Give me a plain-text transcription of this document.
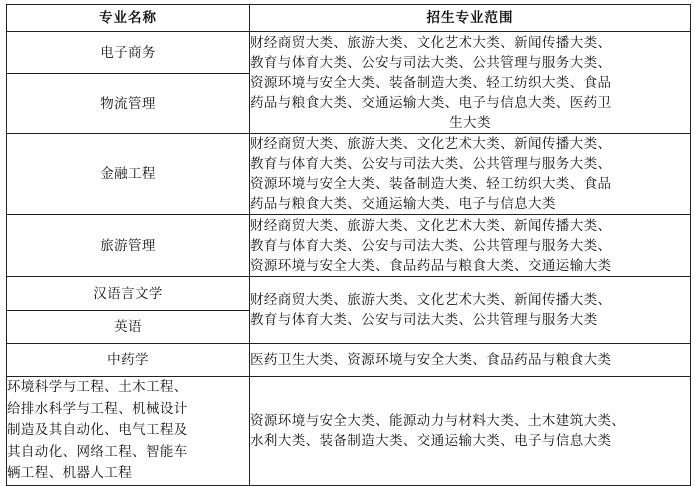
专业名称	招生专业范围
电子商务	财经商贸大类、旅游大类、文化艺术大类、新闻传播大类、
教育与体育大类、公安与司法大类、公共管理与服务大类、
资源环境与安全大类、装备制造大类、轻工纺织大类、食品
药品与粮食大类、交通运输大类、电子与信息大类、医药卫
生大类

物流管理	
金融工程	财经商贸大类、旅游大类、文化艺术大类、新闻传播大类、
教育与体育大类、公安与司法大类、公共管理与服务大类、
资源环境与安全大类、装备制造大类、轻工纺织大类、食品
药品与粮食大类、交通运输大类、电子与信息大类

旅游管理	财经商贸大类、旅游大类、文化艺术大类、新闻传播大类、
教育与体育大类、公安与司法大类、公共管理与服务大类、
资源环境与安全大类、食品药品与粮食大类、交通运输大类

汉语言文学	财经商贸大类、旅游大类、文化艺术大类、新闻传播大类、
教育与体育大类、公安与司法大类、公共管理与服务大类

英语	
中药学	医药卫生大类、资源环境与安全大类、食品药品与粮食大类

环境科学与工程、土木工程、
给排水科学与工程、机械设计
制造及其自动化、电气工程及
其自动化、网络工程、智能车
辆工程、机器人工程	资源环境与安全大类、能源动力与材料大类、土木建筑大类、
水利大类、装备制造大类、交通运输大类、电子与信息大类
